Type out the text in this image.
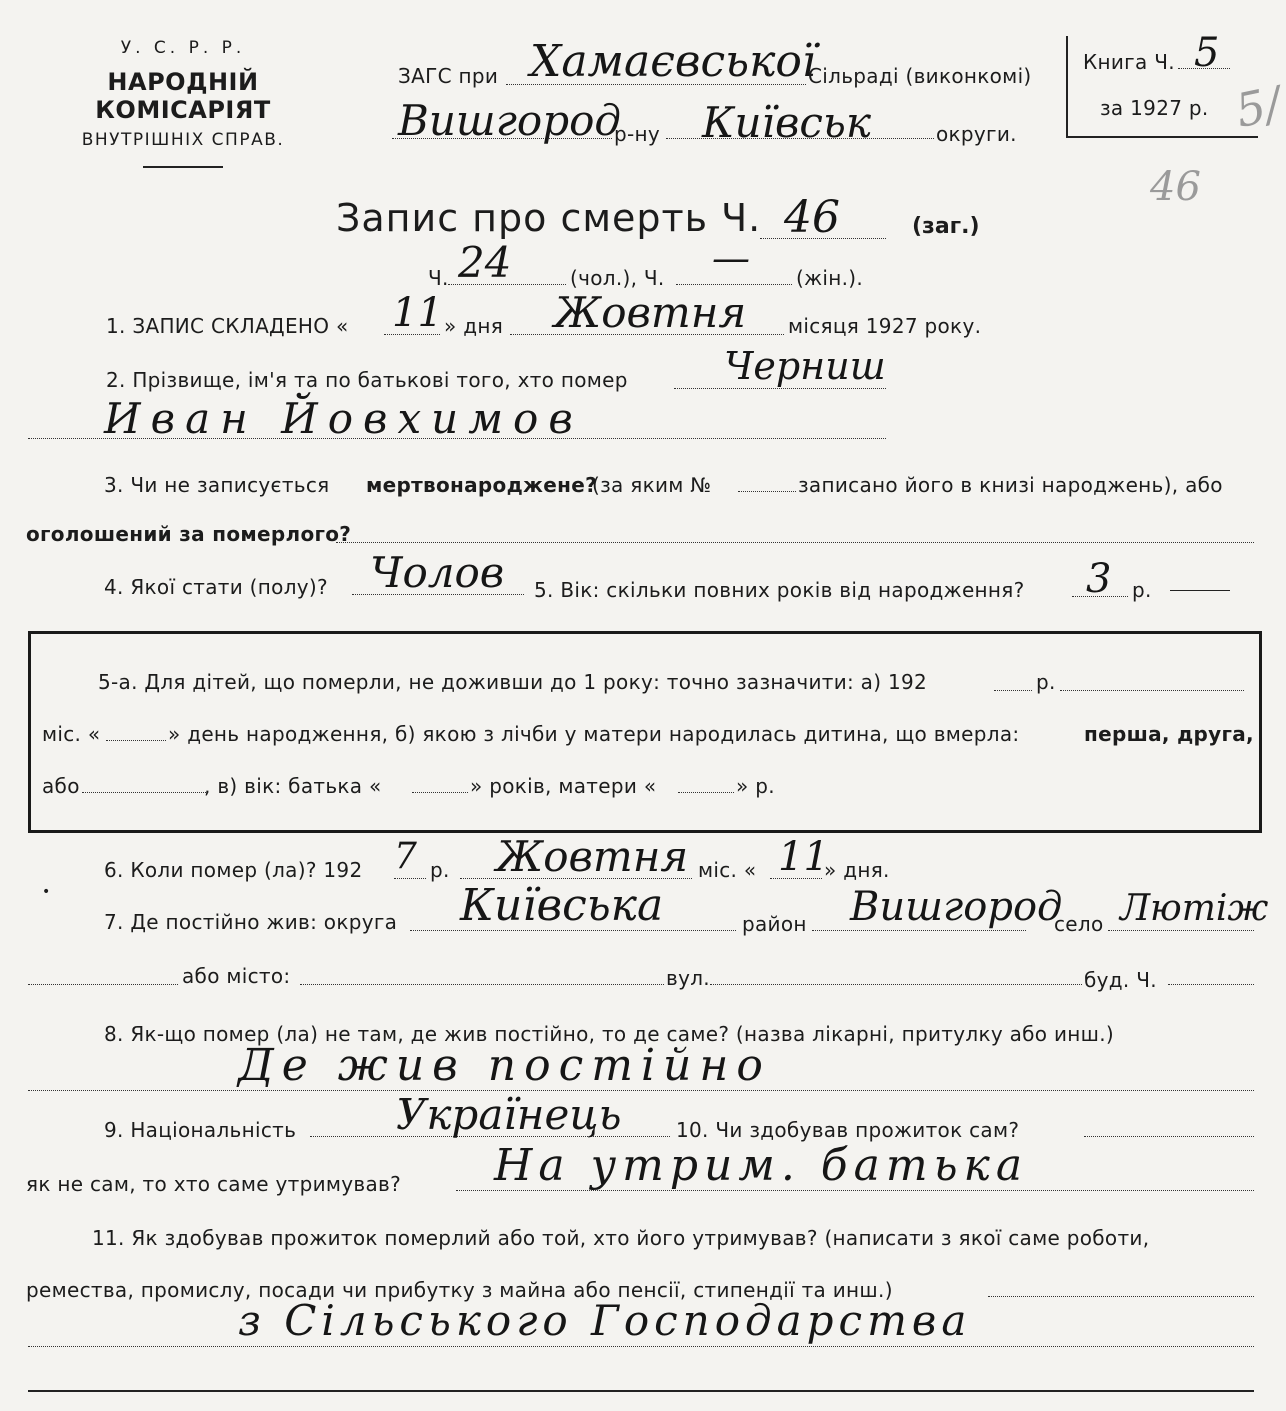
У. С. Р. Р.
НАРОДНІЙ КОМІСАРІЯТ
ВНУТРІШНІХ СПРАВ.
ЗАГС при Хамаєвської
Сільраді (виконкомі)
Вишгород
р-ну Київськ	округи.
Книга Ч. 5
за 1927 р. 5/
46
Запис про смерть Ч. 46	(заг.)
Ч. 24	(чол.), Ч. — (жін.).
1. ЗАПИС СКЛАДЕНО « 11 » дня Жовтня місяця 1927 року.
2. Прізвище, ім'я та по батькові того, хто помер	Черниш
Иван Йовхимов
3. Чи не записується мертвонароджене?
(за яким №	записано його в книзі народжень), або
оголошений за померлого?
4. Якої стати (полу)? Чолов 5. Вік: скільки повних років від народження? 3 р.
5-а. Для дітей, що померли, не доживши до 1 року: точно зазначити: а) 192	р.
міс. «	» день народження, б) якою з лічби у матери народилась дитина, що вмерла:	перша, друга,
або	, в) вік: батька «	» років, матери «	» р.
6. Коли помер (ла)? 192 7 р. Жовтня міс. « 11
» дня.
•
7. Де постійно жив: округа Київська	район Вишгород
село Лютіж
або місто:	вул.	буд. Ч.
8. Як-що помер (ла) не там, де жив постійно, то де саме? (назва лікарні, притулку або инш.)
Де жив постійно
9. Національність Українець	10. Чи здобував прожиток сам?
як не сам, то хто саме утримував? На утрим. батька
11. Як здобував прожиток померлий або той, хто його утримував? (написати з якої саме роботи,
ремества, промислу, посади чи прибутку з майна або пенсії, стипендії та инш.)
з Сільського Господарства
